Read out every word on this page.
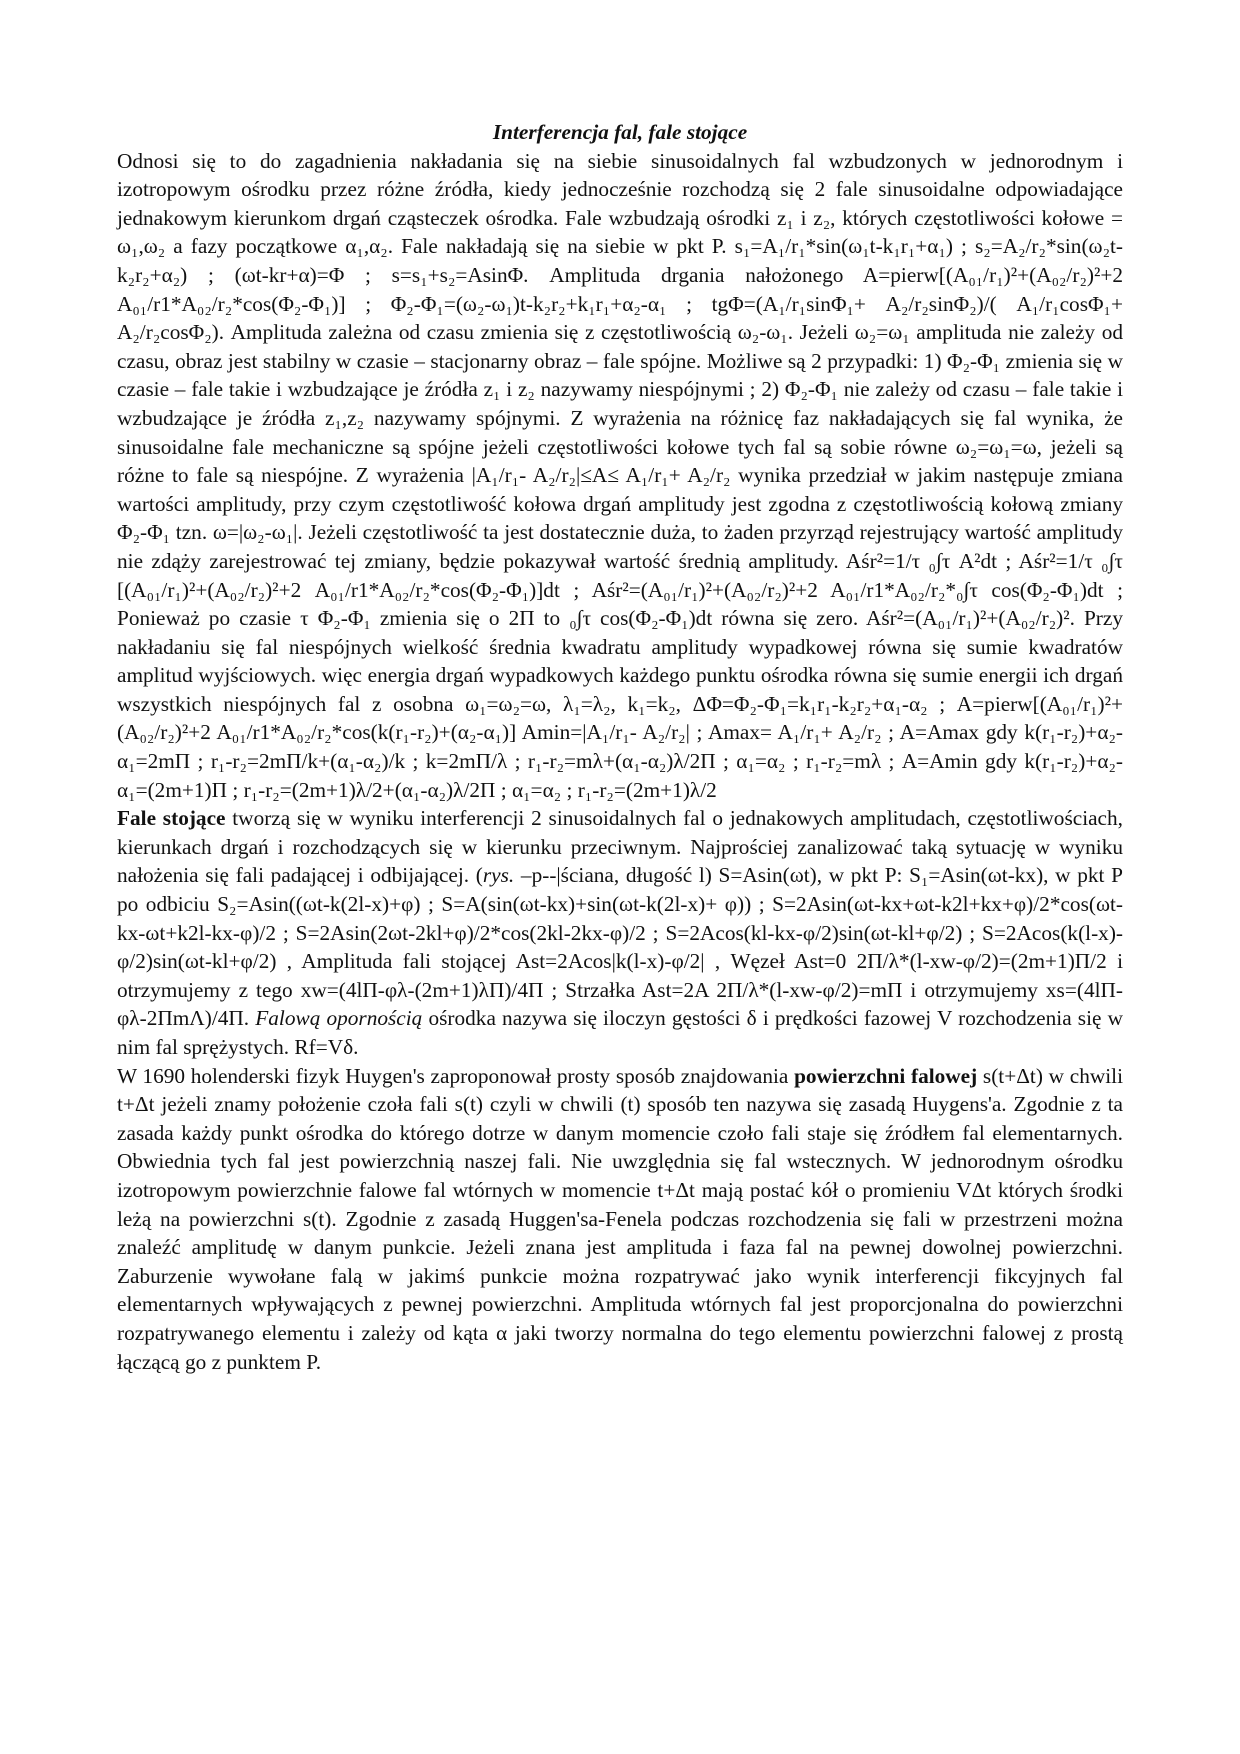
Interferencja fal, fale stojące

Odnosi się to do zagadnienia nakładania się na siebie sinusoidalnych fal wzbudzonych w jednorodnym i izotropowym ośrodku przez różne źródła, kiedy jednocześnie rozchodzą się 2 fale sinusoidalne odpowiadające jednakowym kierunkom drgań cząsteczek ośrodka. Fale wzbudzają ośrodki z₁ i z₂, których częstotliwości kołowe = ω₁,ω₂ a fazy początkowe α₁,α₂. Fale nakładają się na siebie w pkt P. s₁=A₁/r₁*sin(ω₁t-k₁r₁+α₁) ; s₂=A₂/r₂*sin(ω₂t-k₂r₂+α₂) ; (ωt-kr+α)=Φ ; s=s₁+s₂=AsinΦ. Amplituda drgania nałożonego A=pierw[(A₀₁/r₁)²+(A₀₂/r₂)²+2 A₀₁/r1*A₀₂/r₂*cos(Φ₂-Φ₁)] ; Φ₂-Φ₁=(ω₂-ω₁)t-k₂r₂+k₁r₁+α₂-α₁ ; tgΦ=(A₁/r₁sinΦ₁+ A₂/r₂sinΦ₂)/( A₁/r₁cosΦ₁+ A₂/r₂cosΦ₂). Amplituda zależna od czasu zmienia się z częstotliwością ω₂-ω₁. Jeżeli ω₂=ω₁ amplituda nie zależy od czasu, obraz jest stabilny w czasie – stacjonarny obraz – fale spójne. Możliwe są 2 przypadki: 1) Φ₂-Φ₁ zmienia się w czasie – fale takie i wzbudzające je źródła z₁ i z₂ nazywamy niespójnymi ; 2) Φ₂-Φ₁ nie zależy od czasu – fale takie i wzbudzające je źródła z₁,z₂ nazywamy spójnymi. Z wyrażenia na różnicę faz nakładających się fal wynika, że sinusoidalne fale mechaniczne są spójne jeżeli częstotliwości kołowe tych fal są sobie równe ω₂=ω₁=ω, jeżeli są różne to fale są niespójne. Z wyrażenia |A₁/r₁- A₂/r₂|≤A≤ A₁/r₁+ A₂/r₂ wynika przedział w jakim następuje zmiana wartości amplitudy, przy czym częstotliwość kołowa drgań amplitudy jest zgodna z częstotliwością kołową zmiany Φ₂-Φ₁ tzn. ω=|ω₂-ω₁|. Jeżeli częstotliwość ta jest dostatecznie duża, to żaden przyrząd rejestrujący wartość amplitudy nie zdąży zarejestrować tej zmiany, będzie pokazywał wartość średnią amplitudy. Aśr²=1/τ ₀∫τ A²dt ; Aśr²=1/τ ₀∫τ [(A₀₁/r₁)²+(A₀₂/r₂)²+2 A₀₁/r1*A₀₂/r₂*cos(Φ₂-Φ₁)]dt ; Aśr²=(A₀₁/r₁)²+(A₀₂/r₂)²+2 A₀₁/r1*A₀₂/r₂*₀∫τ cos(Φ₂-Φ₁)dt ; Ponieważ po czasie τ Φ₂-Φ₁ zmienia się o 2Π to ₀∫τ cos(Φ₂-Φ₁)dt równa się zero. Aśr²=(A₀₁/r₁)²+(A₀₂/r₂)². Przy nakładaniu się fal niespójnych wielkość średnia kwadratu amplitudy wypadkowej równa się sumie kwadratów amplitud wyjściowych. więc energia drgań wypadkowych każdego punktu ośrodka równa się sumie energii ich drgań wszystkich niespójnych fal z osobna ω₁=ω₂=ω, λ₁=λ₂, k₁=k₂, ΔΦ=Φ₂-Φ₁=k₁r₁-k₂r₂+α₁-α₂ ; A=pierw[(A₀₁/r₁)²+(A₀₂/r₂)²+2 A₀₁/r1*A₀₂/r₂*cos(k(r₁-r₂)+(α₂-α₁)] Amin=|A₁/r₁- A₂/r₂| ; Amax= A₁/r₁+ A₂/r₂ ; A=Amax gdy k(r₁-r₂)+α₂-α₁=2mΠ ; r₁-r₂=2mΠ/k+(α₁-α₂)/k ; k=2mΠ/λ ; r₁-r₂=mλ+(α₁-α₂)λ/2Π ; α₁=α₂ ; r₁-r₂=mλ ; A=Amin gdy k(r₁-r₂)+α₂-α₁=(2m+1)Π ; r₁-r₂=(2m+1)λ/2+(α₁-α₂)λ/2Π ; α₁=α₂ ; r₁-r₂=(2m+1)λ/2

Fale stojące tworzą się w wyniku interferencji 2 sinusoidalnych fal o jednakowych amplitudach, częstotliwościach, kierunkach drgań i rozchodzących się w kierunku przeciwnym. Najprościej zanalizować taką sytuację w wyniku nałożenia się fali padającej i odbijającej. (rys. –p--|ściana, długość l) S=Asin(ωt), w pkt P: S₁=Asin(ωt-kx), w pkt P po odbiciu S₂=Asin((ωt-k(2l-x)+φ) ; S=A(sin(ωt-kx)+sin(ωt-k(2l-x)+ φ)) ; S=2Asin(ωt-kx+ωt-k2l+kx+φ)/2*cos(ωt-kx-ωt+k2l-kx-φ)/2 ; S=2Asin(2ωt-2kl+φ)/2*cos(2kl-2kx-φ)/2 ; S=2Acos(kl-kx-φ/2)sin(ωt-kl+φ/2) ; S=2Acos(k(l-x)-φ/2)sin(ωt-kl+φ/2) , Amplituda fali stojącej Ast=2Acos|k(l-x)-φ/2| , Węzeł Ast=0 2Π/λ*(l-xw-φ/2)=(2m+1)Π/2 i otrzymujemy z tego xw=(4lΠ-φλ-(2m+1)λΠ)/4Π ; Strzałka Ast=2A 2Π/λ*(l-xw-φ/2)=mΠ i otrzymujemy xs=(4lΠ-φλ-2ΠmΛ)/4Π. Falową opornością ośrodka nazywa się iloczyn gęstości δ i prędkości fazowej V rozchodzenia się w nim fal sprężystych. Rf=Vδ.

W 1690 holenderski fizyk Huygen's zaproponował prosty sposób znajdowania powierzchni falowej s(t+Δt) w chwili t+Δt jeżeli znamy położenie czoła fali s(t) czyli w chwili (t) sposób ten nazywa się zasadą Huygens'a. Zgodnie z ta zasada każdy punkt ośrodka do którego dotrze w danym momencie czoło fali staje się źródłem fal elementarnych. Obwiednia tych fal jest powierzchnią naszej fali. Nie uwzględnia się fal wstecznych. W jednorodnym ośrodku izotropowym powierzchnie falowe fal wtórnych w momencie t+Δt mają postać kół o promieniu VΔt których środki leżą na powierzchni s(t). Zgodnie z zasadą Huggen'sa-Fenela podczas rozchodzenia się fali w przestrzeni można znaleźć amplitudę w danym punkcie. Jeżeli znana jest amplituda i faza fal na pewnej dowolnej powierzchni. Zaburzenie wywołane falą w jakimś punkcie można rozpatrywać jako wynik interferencji fikcyjnych fal elementarnych wpływających z pewnej powierzchni. Amplituda wtórnych fal jest proporcjonalna do powierzchni rozpatrywanego elementu i zależy od kąta α jaki tworzy normalna do tego elementu powierzchni falowej z prostą łączącą go z punktem P.
